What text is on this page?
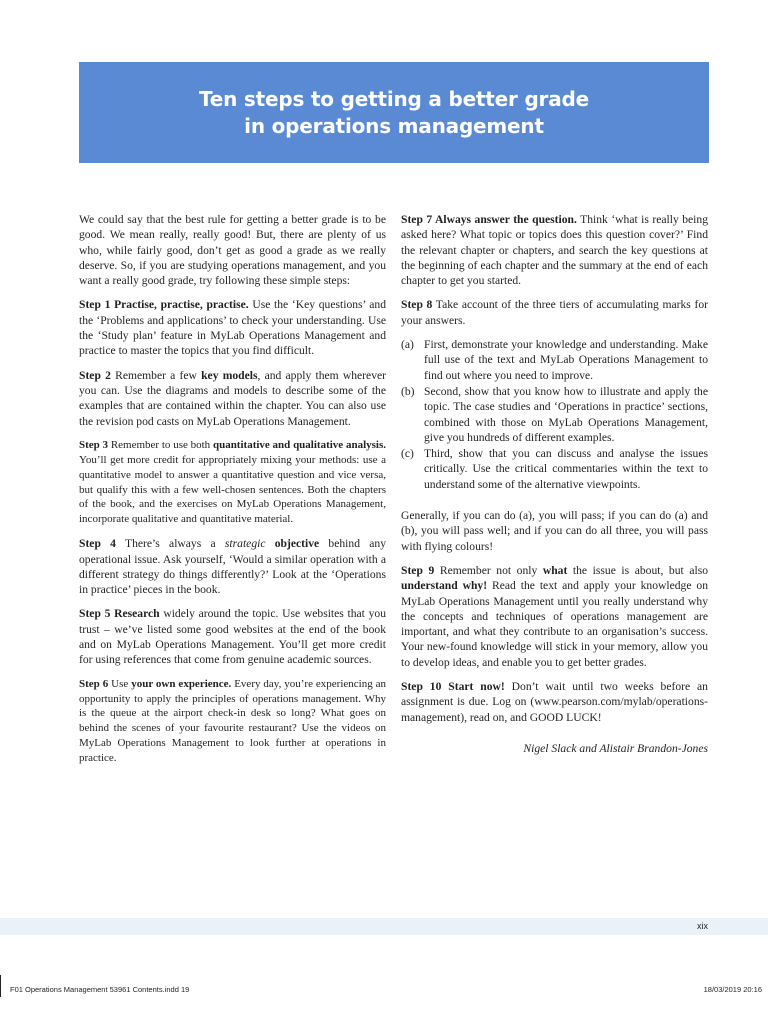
Ten steps to getting a better grade
in operations management

We could say that the best rule for getting a better grade is to be good. We mean really, really good! But, there are plenty of us who, while fairly good, don’t get as good a grade as we really deserve. So, if you are studying operations management, and you want a really good grade, try following these simple steps:

Step 1 Practise, practise, practise. Use the ‘Key questions’ and the ‘Problems and applications’ to check your understanding. Use the ‘Study plan’ feature in MyLab Operations Management and practice to master the topics that you find difficult.

Step 2 Remember a few key models, and apply them wherever you can. Use the diagrams and models to describe some of the examples that are contained within the chapter. You can also use the revision pod casts on MyLab Operations Management.

Step 3 Remember to use both quantitative and qualitative analysis. You’ll get more credit for appropriately mixing your methods: use a quantitative model to answer a quantitative question and vice versa, but qualify this with a few well-chosen sentences. Both the chapters of the book, and the exercises on MyLab Operations Management, incorporate qualitative and quantitative material.

Step 4 There’s always a strategic objective behind any operational issue. Ask yourself, ‘Would a similar operation with a different strategy do things differently?’ Look at the ‘Operations in practice’ pieces in the book.

Step 5 Research widely around the topic. Use websites that you trust – we’ve listed some good websites at the end of the book and on MyLab Operations Management. You’ll get more credit for using references that come from genuine academic sources.

Step 6 Use your own experience. Every day, you’re experiencing an opportunity to apply the principles of operations management. Why is the queue at the airport check-in desk so long? What goes on behind the scenes of your favourite restaurant? Use the videos on MyLab Operations Management to look further at operations in practice.

Step 7 Always answer the question. Think ‘what is really being asked here? What topic or topics does this question cover?’ Find the relevant chapter or chapters, and search the key questions at the beginning of each chapter and the summary at the end of each chapter to get you started.

Step 8 Take account of the three tiers of accumulating marks for your answers.

(a) First, demonstrate your knowledge and understanding. Make full use of the text and MyLab Operations Management to find out where you need to improve.
(b) Second, show that you know how to illustrate and apply the topic. The case studies and ‘Operations in practice’ sections, combined with those on MyLab Operations Management, give you hundreds of different examples.
(c) Third, show that you can discuss and analyse the issues critically. Use the critical commentaries within the text to understand some of the alternative viewpoints.

Generally, if you can do (a), you will pass; if you can do (a) and (b), you will pass well; and if you can do all three, you will pass with flying colours!

Step 9 Remember not only what the issue is about, but also understand why! Read the text and apply your knowledge on MyLab Operations Management until you really understand why the concepts and techniques of operations management are important, and what they contribute to an organisation’s success. Your new-found knowledge will stick in your memory, allow you to develop ideas, and enable you to get better grades.

Step 10 Start now! Don’t wait until two weeks before an assignment is due. Log on (www.pearson.com/mylab/operations-management), read on, and GOOD LUCK!

Nigel Slack and Alistair Brandon-Jones
xix
F01 Operations Management 53961 Contents.indd 19	18/03/2019 20:16
